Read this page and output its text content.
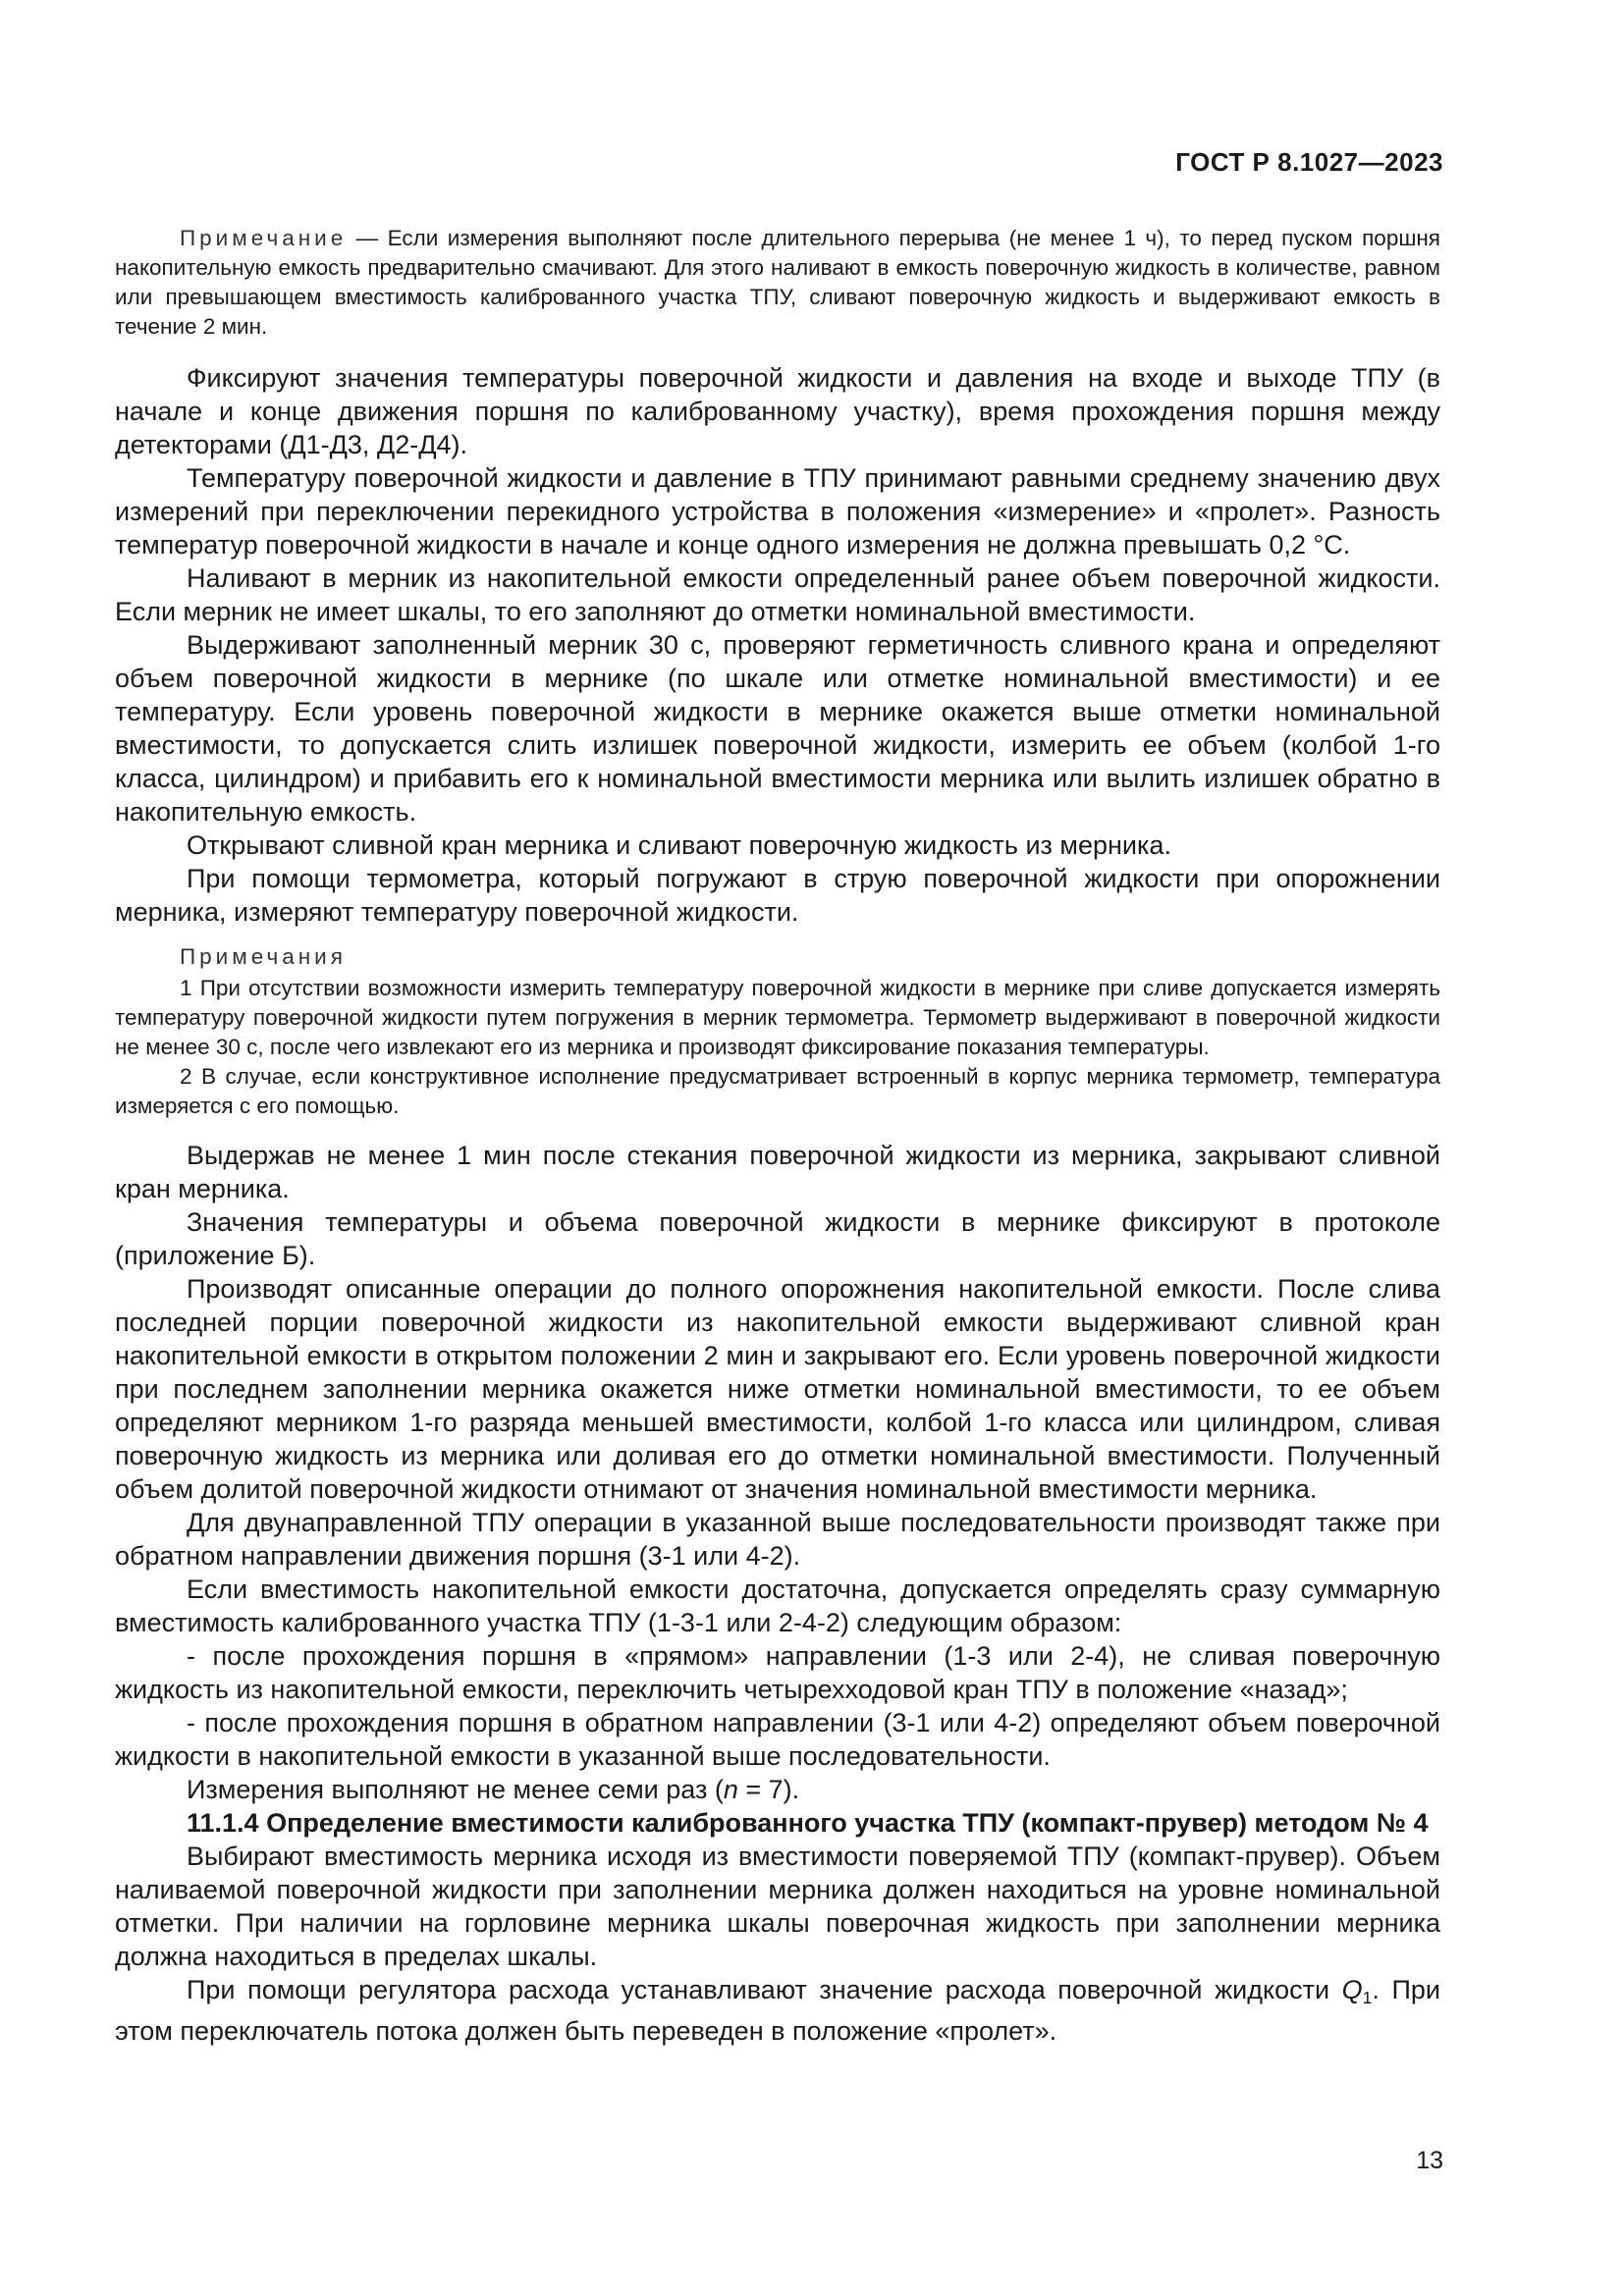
ГОСТ Р 8.1027—2023

Примечание — Если измерения выполняют после длительного перерыва (не менее 1 ч), то перед пуском поршня накопительную емкость предварительно смачивают. Для этого наливают в емкость поверочную жидкость в количестве, равном или превышающем вместимость калиброванного участка ТПУ, сливают поверочную жидкость и выдерживают емкость в течение 2 мин.

Фиксируют значения температуры поверочной жидкости и давления на входе и выходе ТПУ (в начале и конце движения поршня по калиброванному участку), время прохождения поршня между детекторами (Д1-Д3, Д2-Д4).

Температуру поверочной жидкости и давление в ТПУ принимают равными среднему значению двух измерений при переключении перекидного устройства в положения «измерение» и «пролет». Разность температур поверочной жидкости в начале и конце одного измерения не должна превышать 0,2 °С.

Наливают в мерник из накопительной емкости определенный ранее объем поверочной жидкости. Если мерник не имеет шкалы, то его заполняют до отметки номинальной вместимости.

Выдерживают заполненный мерник 30 с, проверяют герметичность сливного крана и определяют объем поверочной жидкости в мернике (по шкале или отметке номинальной вместимости) и ее температуру. Если уровень поверочной жидкости в мернике окажется выше отметки номинальной вместимости, то допускается слить излишек поверочной жидкости, измерить ее объем (колбой 1-го класса, цилиндром) и прибавить его к номинальной вместимости мерника или вылить излишек обратно в накопительную емкость.

Открывают сливной кран мерника и сливают поверочную жидкость из мерника.

При помощи термометра, который погружают в струю поверочной жидкости при опорожнении мерника, измеряют температуру поверочной жидкости.

Примечания

1 При отсутствии возможности измерить температуру поверочной жидкости в мернике при сливе допускается измерять температуру поверочной жидкости путем погружения в мерник термометра. Термометр выдерживают в поверочной жидкости не менее 30 с, после чего извлекают его из мерника и производят фиксирование показания температуры.

2 В случае, если конструктивное исполнение предусматривает встроенный в корпус мерника термометр, температура измеряется с его помощью.

Выдержав не менее 1 мин после стекания поверочной жидкости из мерника, закрывают сливной кран мерника.

Значения температуры и объема поверочной жидкости в мернике фиксируют в протоколе (приложение Б).

Производят описанные операции до полного опорожнения накопительной емкости. После слива последней порции поверочной жидкости из накопительной емкости выдерживают сливной кран накопительной емкости в открытом положении 2 мин и закрывают его. Если уровень поверочной жидкости при последнем заполнении мерника окажется ниже отметки номинальной вместимости, то ее объем определяют мерником 1-го разряда меньшей вместимости, колбой 1-го класса или цилиндром, сливая поверочную жидкость из мерника или доливая его до отметки номинальной вместимости. Полученный объем долитой поверочной жидкости отнимают от значения номинальной вместимости мерника.

Для двунаправленной ТПУ операции в указанной выше последовательности производят также при обратном направлении движения поршня (3-1 или 4-2).

Если вместимость накопительной емкости достаточна, допускается определять сразу суммарную вместимость калиброванного участка ТПУ (1-3-1 или 2-4-2) следующим образом:

- после прохождения поршня в «прямом» направлении (1-3 или 2-4), не сливая поверочную жидкость из накопительной емкости, переключить четырехходовой кран ТПУ в положение «назад»;

- после прохождения поршня в обратном направлении (3-1 или 4-2) определяют объем поверочной жидкости в накопительной емкости в указанной выше последовательности.

Измерения выполняют не менее семи раз (n = 7).

11.1.4 Определение вместимости калиброванного участка ТПУ (компакт-прувер) методом № 4

Выбирают вместимость мерника исходя из вместимости поверяемой ТПУ (компакт-прувер). Объем наливаемой поверочной жидкости при заполнении мерника должен находиться на уровне номинальной отметки. При наличии на горловине мерника шкалы поверочная жидкость при заполнении мерника должна находиться в пределах шкалы.

При помощи регулятора расхода устанавливают значение расхода поверочной жидкости $Q_1$. При этом переключатель потока должен быть переведен в положение «пролет».

13
